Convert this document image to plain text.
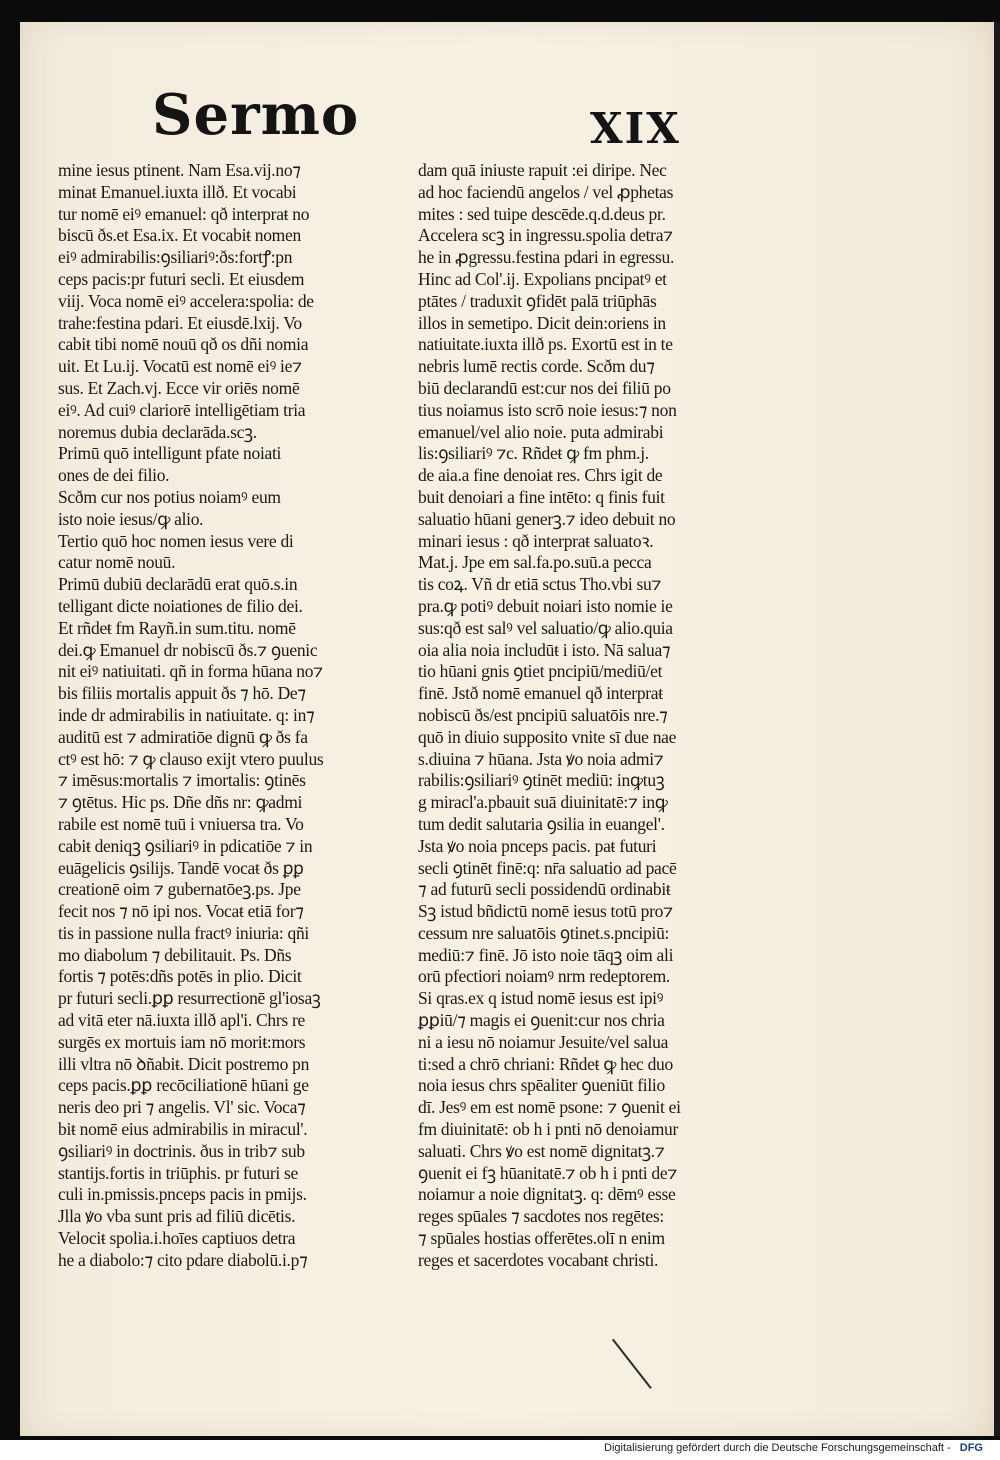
Sermo	XIX
mine iesus ptinenŧ. Nam Esa.vij.no⁊
minaŧ Emanuel.iuxta illð. Et vocabi
tur nomē eiꝰ emanuel: qð interpraŧ no
biscū ðs.et Esa.ix. Et vocabiŧ nomen
eiꝰ admirabilis:ꝯsiliariꝰ:ðs:fortꝭ:pn
ceps pacis:pr futuri secli. Et eiusdem
viij. Voca nomē eiꝰ accelera:spolia: de
trahe:festina pdari. Et eiusdē.lxij. Vo
cabiŧ tibi nomē nouū qð os dñi nomia
uit. Et Lu.ij. Vocatū est nomē eiꝰ ie⁊
sus. Et Zach.vj. Ecce vir oriēs nomē
eiꝰ. Ad cuiꝰ clariorē intelligētiam tria
noremus dubia declarāda.scꝫ.
Primū quō intelligunŧ pfate noiati
ones de dei filio.
Scðm cur nos potius noiamꝰ eum
isto noie iesus/ꝙ alio.
Tertio quō hoc nomen iesus vere di
catur nomē nouū.
Primū dubiū declarādū erat quō.s.in
telligant dicte noiationes de filio dei.
Et rñdeŧ fm Rayñ.in sum.titu. nomē
dei.ꝙ Emanuel dr nobiscū ðs.⁊ ꝯuenic
nit eiꝰ natiuitati. qñ in forma hūana no⁊
bis filiis mortalis appuit ðs ⁊ hō. De⁊
inde dr admirabilis in natiuitate. q: in⁊
auditū est ⁊ admiratiōe dignū ꝙ ðs fa
ctꝰ est hō: ⁊ ꝙ clauso exijt vtero puulus
⁊ imēsus:mortalis ⁊ imortalis: ꝯtinēs
⁊ ꝯtētus. Hic ps. Dñe dñs nr: ꝙadmi
rabile est nomē tuū i vniuersa tra. Vo
cabiŧ deniqꝫ ꝯsiliariꝰ in pdicatiōe ⁊ in
euāgelicis ꝯsilijs. Tandē vocaŧ ðs ꝑꝑ
creationē oim ⁊ gubernatōeꝫ.ps. Jpe
fecit nos ⁊ nō ipi nos. Vocaŧ etiā for⁊
tis in passione nulla fractꝰ iniuria: qñi
mo diabolum ⁊ debilitauit. Ps. Dñs
fortis ⁊ potēs:dñs potēs in plio. Dicit
pr futuri secli.ꝑꝑ resurrectionē gl'iosaꝫ
ad vitā eter nā.iuxta illð apl'i. Chrs re
surgēs ex mortuis iam nō moriŧ:mors
illi vltra nō ꝺñabiŧ. Dicit postremo pn
ceps pacis.ꝑꝑ recōciliationē hūani ge
neris deo pri ⁊ angelis. Vl' sic. Voca⁊
biŧ nomē eius admirabilis in miracul'.
ꝯsiliariꝰ in doctrinis. ðus in trib⁊ sub
stantijs.fortis in triūphis. pr futuri se
culi in.pmissis.pnceps pacis in pmijs.
Jlla ꝟo vba sunt pris ad filiū dicētis.
Velociŧ spolia.i.hoīes captiuos detra
he a diabolo:⁊ cito pdare diabolū.i.p⁊
dam quā iniuste rapuit :ei diripe. Nec
ad hoc faciendū angelos / vel ꝓphetas
mites : sed tuipe descēde.q.d.deus pr.
Accelera scꝫ in ingressu.spolia detra⁊
he in ꝓgressu.festina pdari in egressu.
Hinc ad Col'.ij. Expolians pncipatꝰ et
ptātes / traduxit ꝯfidēt palā triūphās
illos in semetipo. Dicit dein:oriens in
natiuitate.iuxta illð ps. Exortū est in te
nebris lumē rectis corde. Scðm du⁊
biū declarandū est:cur nos dei filiū po
tius noiamus isto scrō noie iesus:⁊ non
emanuel/vel alio noie. puta admirabi
lis:ꝯsiliariꝰ ⁊c. Rñdeŧ ꝙ fm phm.j.
de aia.a fine denoiaŧ res. Chrs igit de
buit denoiari a fine intēto: q finis fuit
saluatio hūani generꝫ.⁊ ideo debuit no
minari iesus : qð interpraŧ saluatoꝛ.
Mat.j. Jpe em sal.fa.po.suū.a pecca
tis coꝝ. Vñ dr etiā sctus Tho.vbi su⁊
pra.ꝙ potiꝰ debuit noiari isto nomie ie
sus:qð est salꝰ vel saluatio/ꝙ alio.quia
oia alia noia includūŧ i isto. Nā salua⁊
tio hūani gnis ꝯtiet pncipiū/mediū/et
finē. Jstð nomē emanuel qð interpraŧ
nobiscū ðs/est pncipiū saluatōis nre.⁊
quō in diuio supposito vnite sī due nae
s.diuina ⁊ hūana. Jsta ꝟo noia admi⁊
rabilis:ꝯsiliariꝰ ꝯtinēt mediū: inꝙtuꝫ
g miracl'a.pbauit suā diuinitatē:⁊ inꝙ
tum dedit salutaria ꝯsilia in euangel'.
Jsta ꝟo noia pnceps pacis. paŧ futuri
secli ꝯtinēt finē:q: nr̄a saluatio ad pacē
⁊ ad futurū secli possidendū ordinabiŧ
Sꝫ istud bñdictū nomē iesus totū pro⁊
cessum nre saluatōis ꝯtinet.s.pncipiū:
mediū:⁊ finē. Jō isto noie tāqꝫ oim ali
orū pfectiori noiamꝰ nrm redeptorem.
Si qras.ex q istud nomē iesus est ipiꝰ
ꝑꝑiū/⁊ magis ei ꝯuenit:cur nos chria
ni a iesu nō noiamur Jesuite/vel salua
ti:sed a chrō chriani: Rñdeŧ ꝙ hec duo
noia iesus chrs spēaliter ꝯueniūt filio
dī. Jesꝰ em est nomē psone: ⁊ ꝯuenit ei
fm diuinitatē: ob h i pnti nō denoiamur
saluati. Chrs ꝟo est nomē dignitatꝫ.⁊
ꝯuenit ei fꝫ hūanitatē.⁊ ob h i pnti de⁊
noiamur a noie dignitatꝫ. q: dēmꝰ esse
reges spūales ⁊ sacdotes nos regētes:
⁊ spūales hostias offerētes.olī n enim
reges et sacerdotes vocabanŧ christi.
Digitalisierung gefördert durch die Deutsche Forschungsgemeinschaft - DFG
